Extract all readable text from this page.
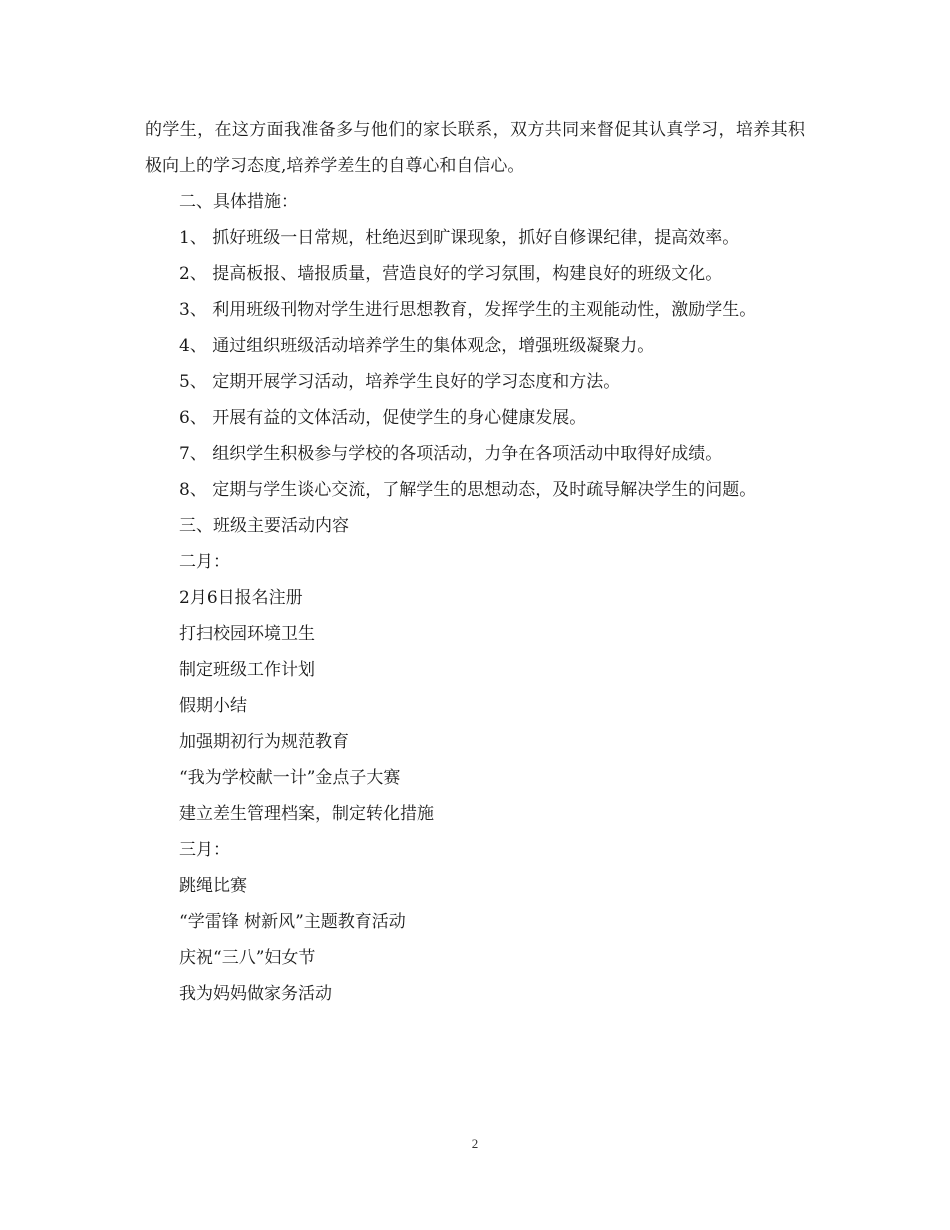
的学生，在这方面我准备多与他们的家长联系，双方共同来督促其认真学习，培养其积极向上的学习态度,培养学差生的自尊心和自信心。

二、具体措施：

1、 抓好班级一日常规，杜绝迟到旷课现象，抓好自修课纪律，提高效率。

2、 提高板报、墙报质量，营造良好的学习氛围，构建良好的班级文化。

3、 利用班级刊物对学生进行思想教育，发挥学生的主观能动性，激励学生。

4、 通过组织班级活动培养学生的集体观念，增强班级凝聚力。

5、 定期开展学习活动，培养学生良好的学习态度和方法。

6、 开展有益的文体活动，促使学生的身心健康发展。

7、 组织学生积极参与学校的各项活动，力争在各项活动中取得好成绩。

8、 定期与学生谈心交流，了解学生的思想动态，及时疏导解决学生的问题。

三、班级主要活动内容

二月：

2月6日报名注册

打扫校园环境卫生

制定班级工作计划

假期小结

加强期初行为规范教育

“我为学校献一计”金点子大赛

建立差生管理档案，制定转化措施

三月：

跳绳比赛

“学雷锋 树新风”主题教育活动

庆祝“三八”妇女节

我为妈妈做家务活动

2
